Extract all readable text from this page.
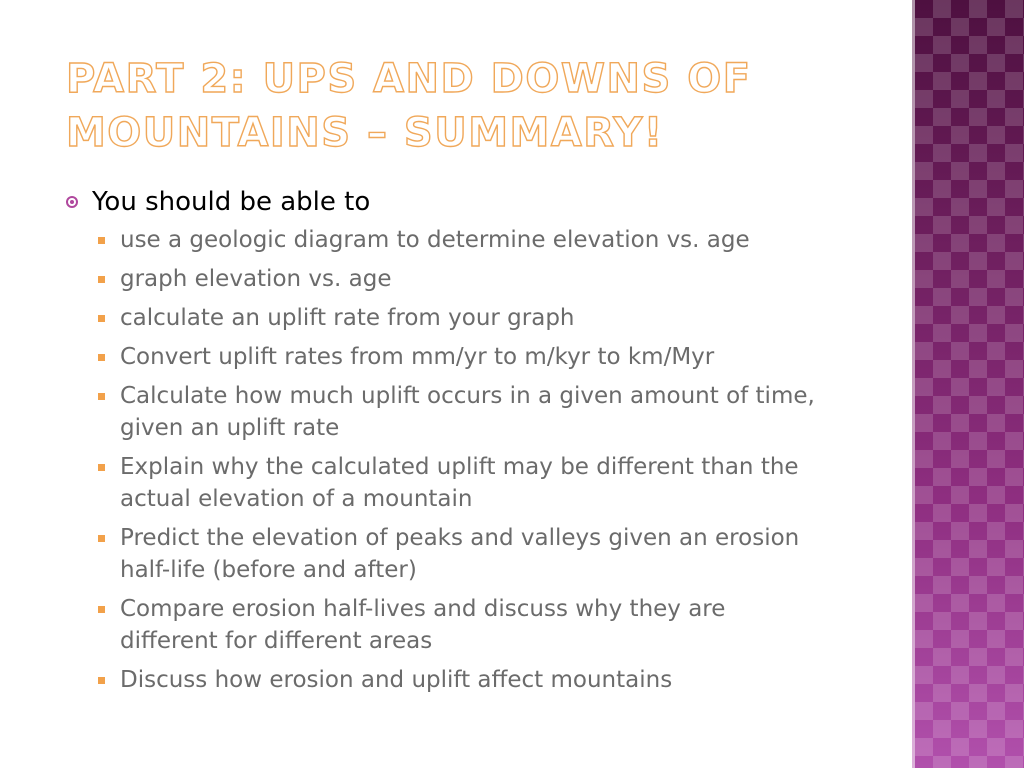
PART 2: UPS AND DOWNS OF MOUNTAINS – SUMMARY!
You should be able to
use a geologic diagram to determine elevation vs. age
graph elevation vs. age
calculate an uplift rate from your graph
Convert uplift rates from mm/yr to m/kyr to km/Myr
Calculate how much uplift occurs in a given amount of time, given an uplift rate
Explain why the calculated uplift may be different than the actual elevation of a mountain
Predict the elevation of peaks and valleys given an erosion half-life (before and after)
Compare erosion half-lives and discuss why they are different for different areas
Discuss how erosion and uplift affect mountains
